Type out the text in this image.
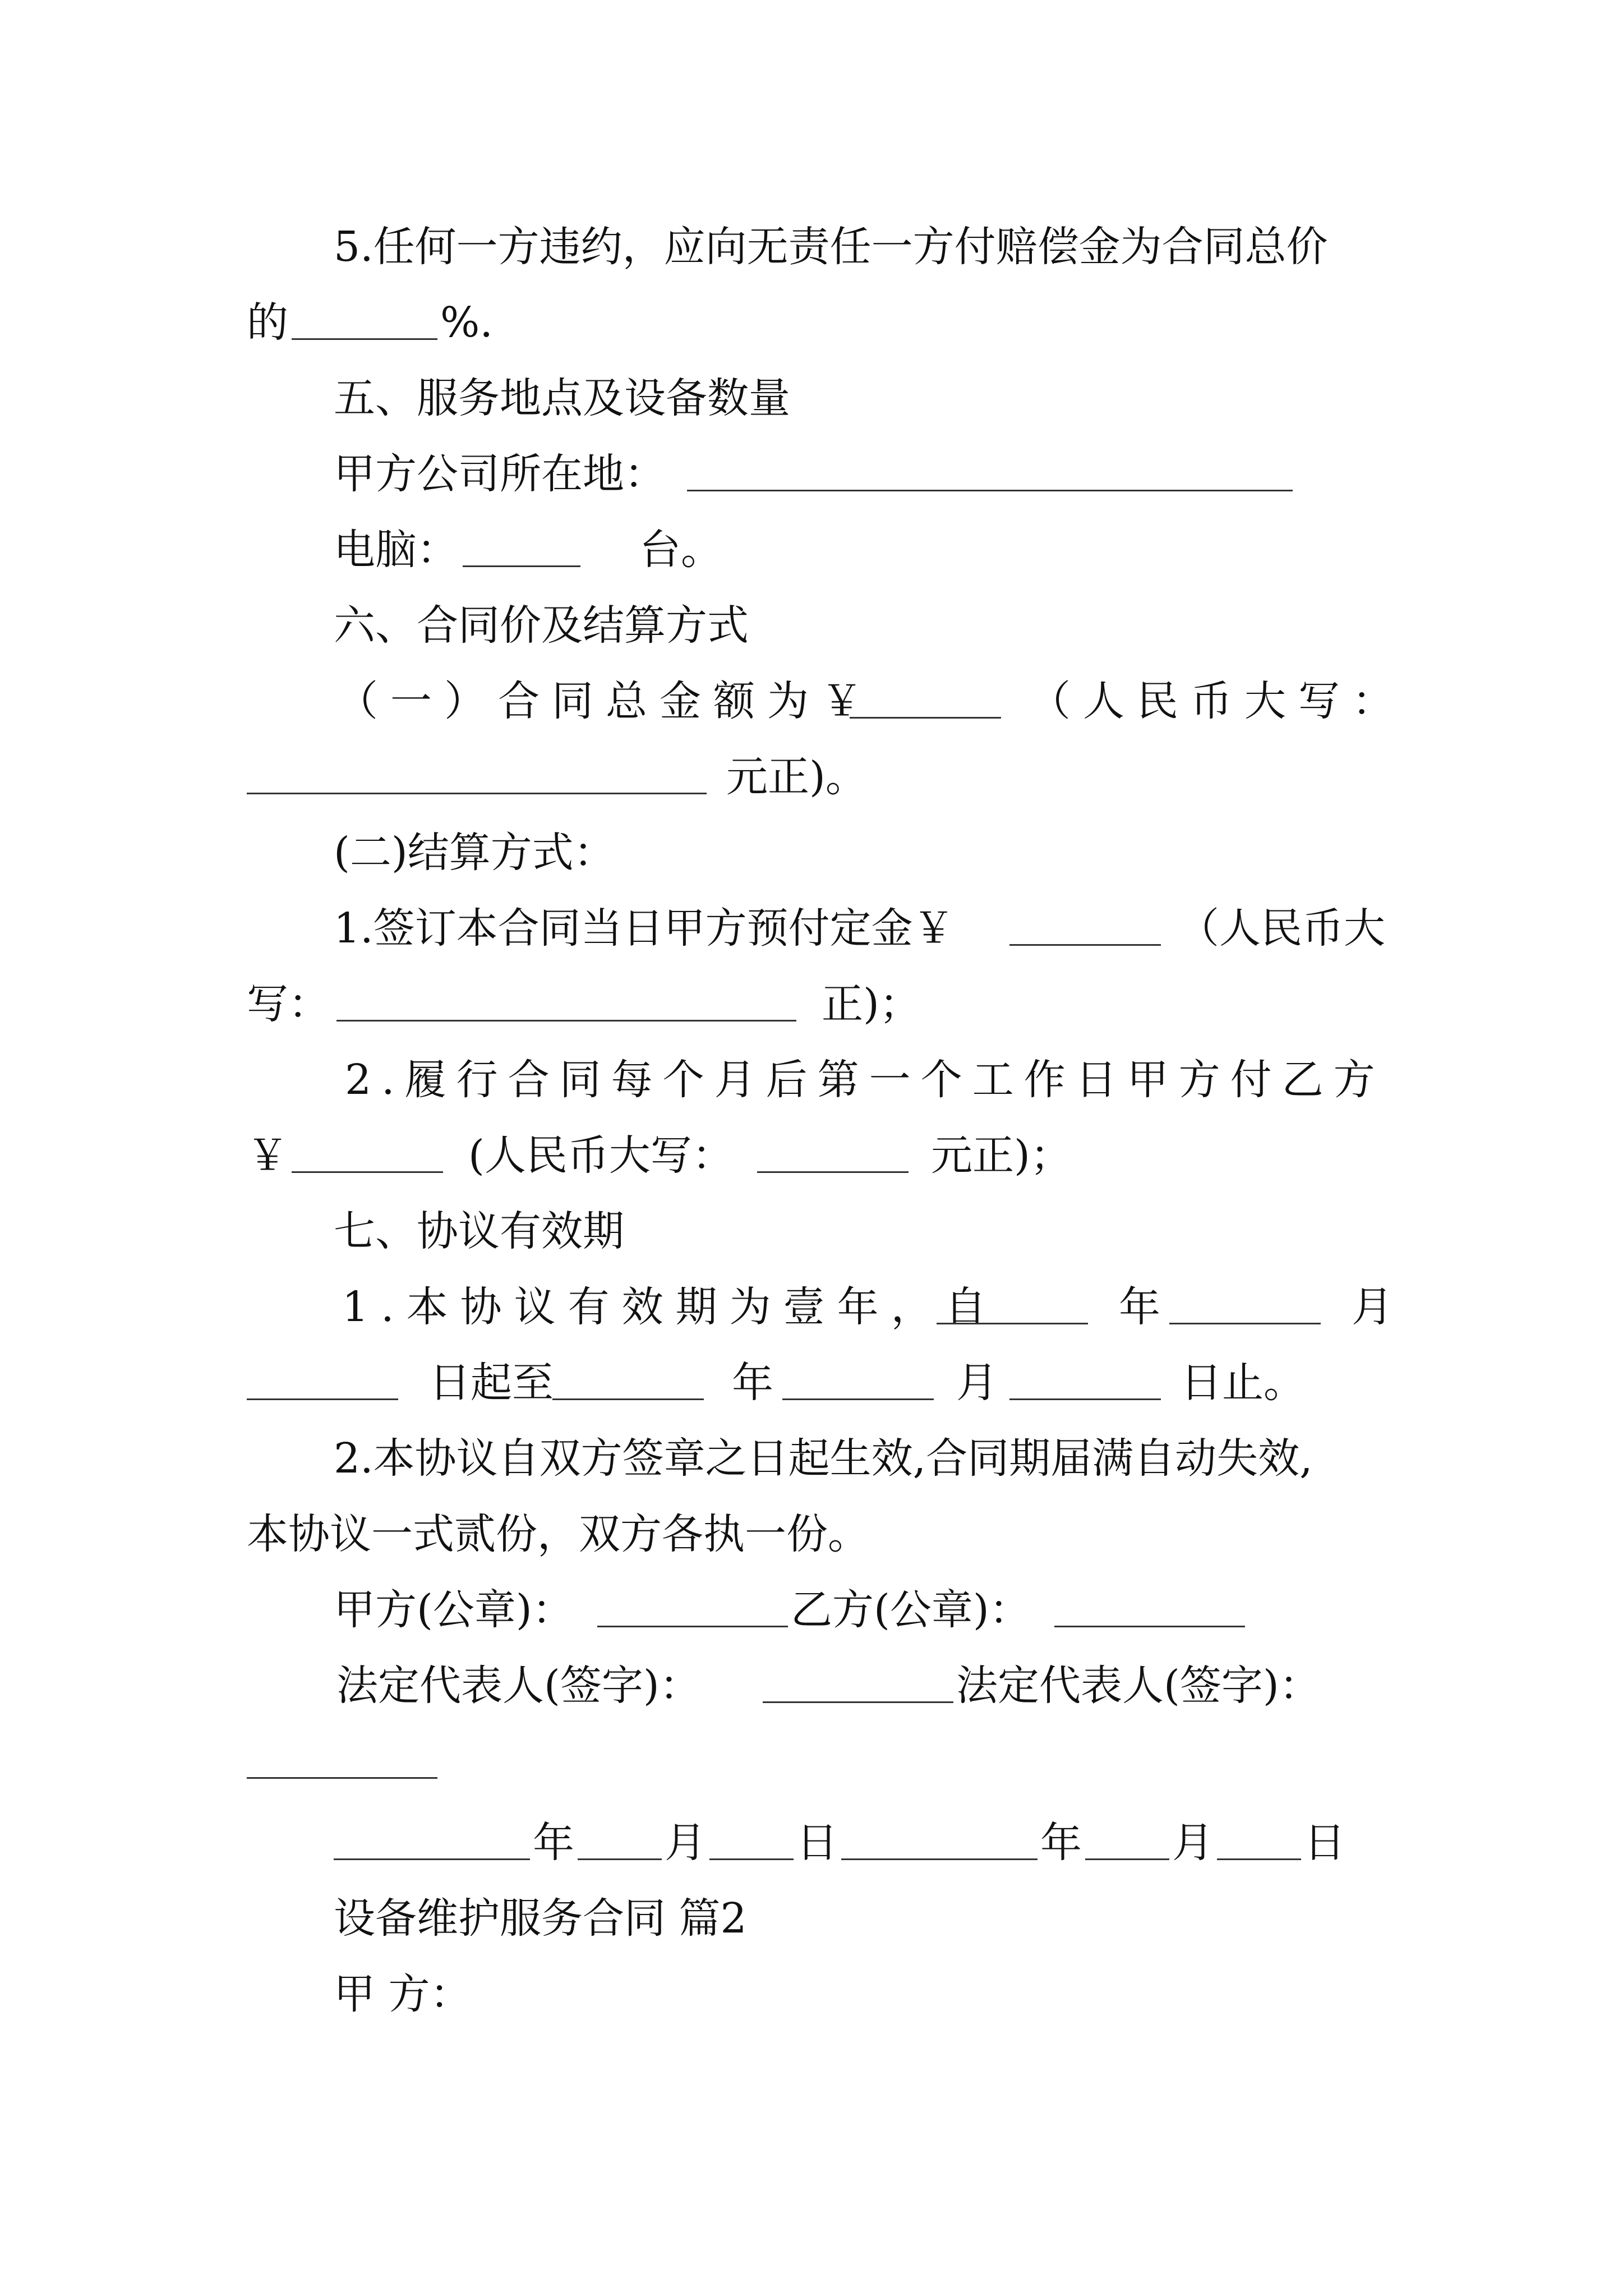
5.任何一方违约，应向无责任一方付赔偿金为合同总价
的	%.
五、服务地点及设备数量
甲方公司所在地：
电脑：	台。
六、合同价及结算方式
（一）合同总金额为￥	（人民币大写：
元正)。
(二)结算方式：
1.签订本合同当日甲方预付定金￥	（人民币大
写：	正)；
2.履行合同每个月后第一个工作日甲方付乙方
￥	(人民币大写：	元正)；
七、协议有效期
1.本协议有效期为壹年，自	年	月
日起至	年	月	日止。
2.本协议自双方签章之日起生效,合同期届满自动失效,
本协议一式贰份，双方各执一份。
甲方(公章)：	乙方(公章)：
法定代表人(签字)：	法定代表人(签字)：
年 月 日	年 月 日
设备维护服务合同 篇2
甲 方：
